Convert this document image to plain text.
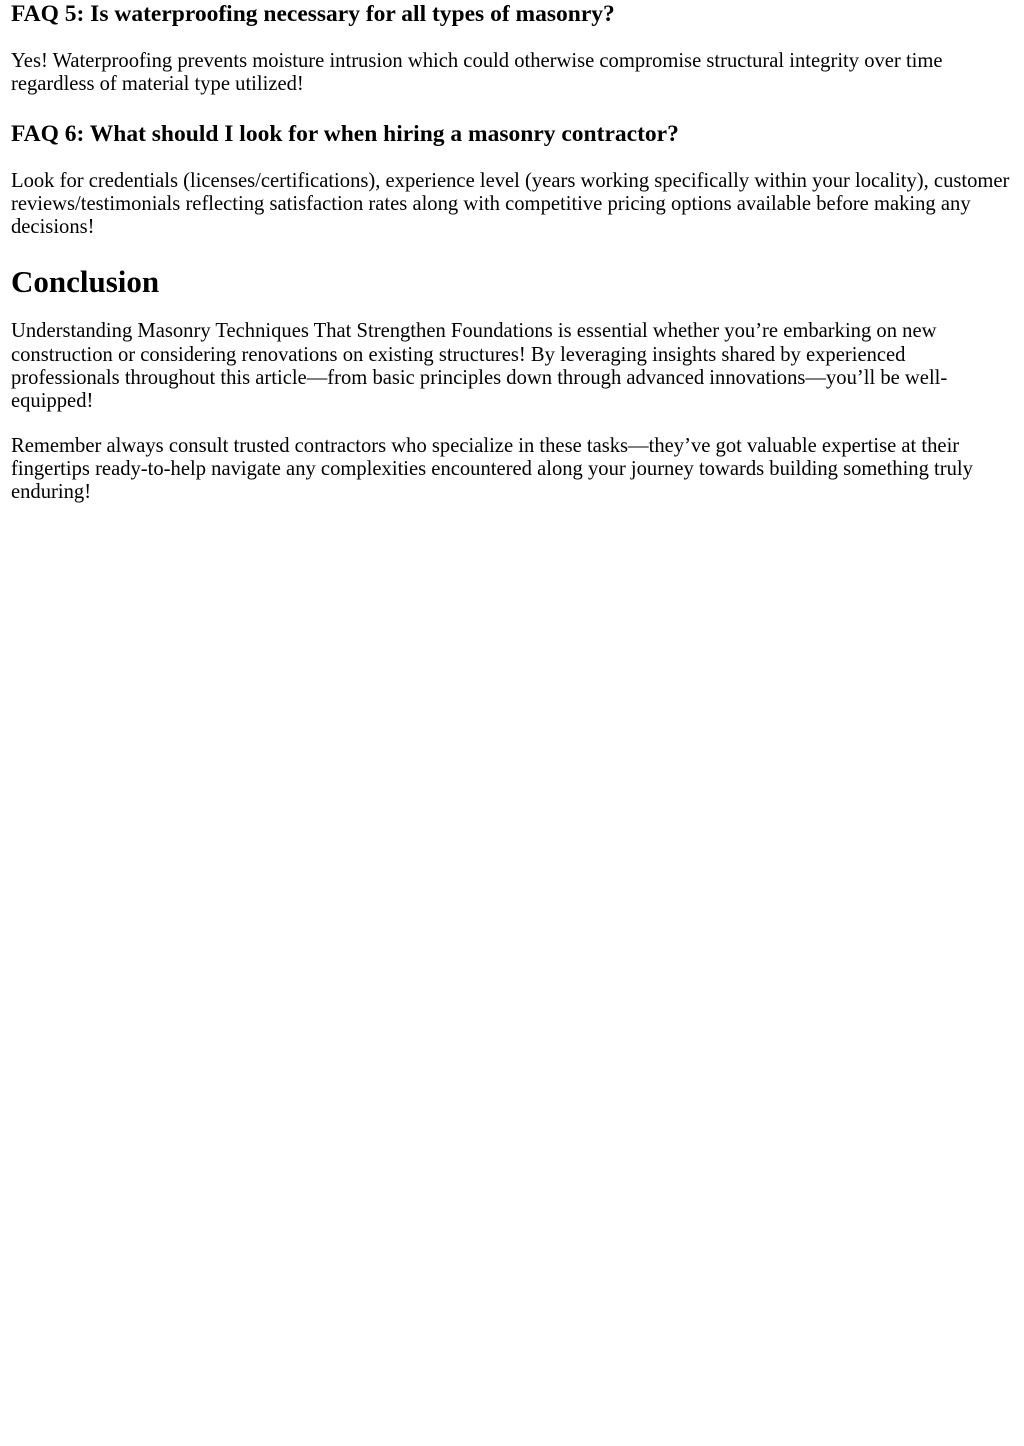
FAQ 5: Is waterproofing necessary for all types of masonry?

Yes! Waterproofing prevents moisture intrusion which could otherwise compromise structural integrity over time regardless of material type utilized!

FAQ 6: What should I look for when hiring a masonry contractor?

Look for credentials (licenses/certifications), experience level (years working specifically within your locality), customer reviews/testimonials reflecting satisfaction rates along with competitive pricing options available before making any decisions!

Conclusion

Understanding Masonry Techniques That Strengthen Foundations is essential whether you’re embarking on new construction or considering renovations on existing structures! By leveraging insights shared by experienced professionals throughout this article—from basic principles down through advanced innovations—you’ll be well-equipped!

Remember always consult trusted contractors who specialize in these tasks—they’ve got valuable expertise at their fingertips ready-to-help navigate any complexities encountered along your journey towards building something truly enduring!
